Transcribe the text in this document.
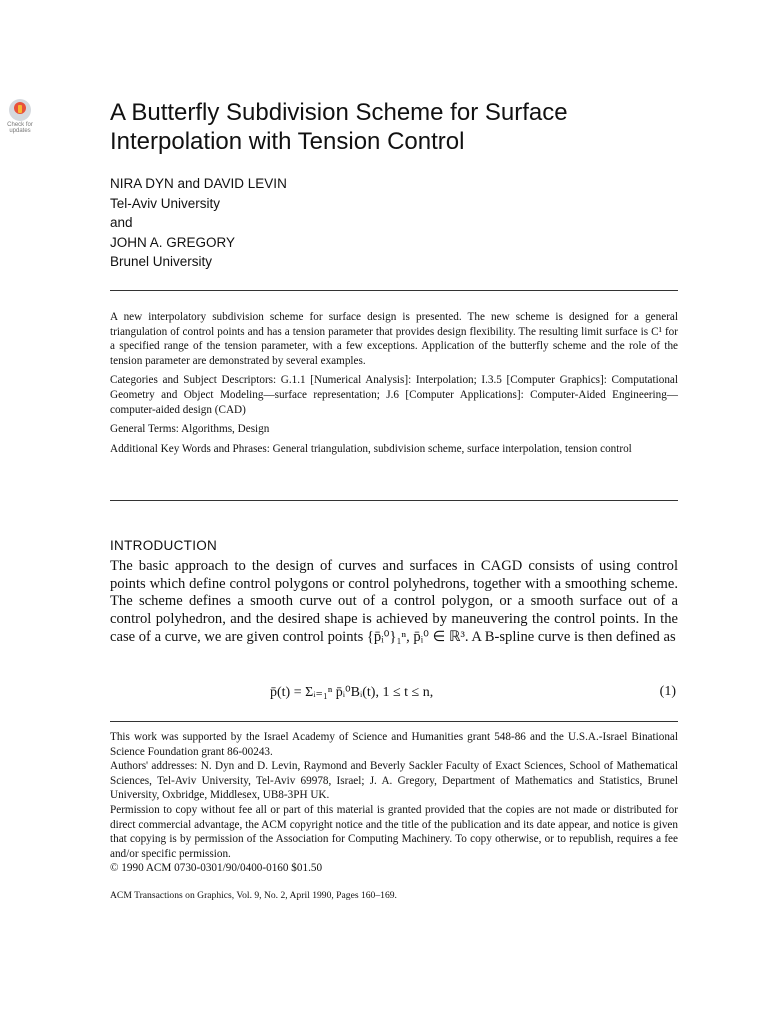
Check for updates
A Butterfly Subdivision Scheme for Surface Interpolation with Tension Control
NIRA DYN and DAVID LEVIN
Tel-Aviv University
and
JOHN A. GREGORY
Brunel University

A new interpolatory subdivision scheme for surface design is presented. The new scheme is designed for a general triangulation of control points and has a tension parameter that provides design flexibility. The resulting limit surface is C¹ for a specified range of the tension parameter, with a few exceptions. Application of the butterfly scheme and the role of the tension parameter are demonstrated by several examples.

Categories and Subject Descriptors: G.1.1 [Numerical Analysis]: Interpolation; I.3.5 [Computer Graphics]: Computational Geometry and Object Modeling—surface representation; J.6 [Computer Applications]: Computer-Aided Engineering—computer-aided design (CAD)

General Terms: Algorithms, Design

Additional Key Words and Phrases: General triangulation, subdivision scheme, surface interpolation, tension control

INTRODUCTION

The basic approach to the design of curves and surfaces in CAGD consists of using control points which define control polygons or control polyhedrons, together with a smoothing scheme. The scheme defines a smooth curve out of a control polygon, or a smooth surface out of a control polyhedron, and the desired shape is achieved by maneuvering the control points. In the case of a curve, we are given control points {p̄ᵢ⁰}₁ⁿ, p̄ᵢ⁰ ∈ ℝ³. A B-spline curve is then defined as

p̄(t) = Σᵢ₌₁ⁿ p̄ᵢ⁰Bᵢ(t), 1 ≤ t ≤ n,	(1)

This work was supported by the Israel Academy of Science and Humanities grant 548-86 and the U.S.A.-Israel Binational Science Foundation grant 86-00243.

Authors' addresses: N. Dyn and D. Levin, Raymond and Beverly Sackler Faculty of Exact Sciences, School of Mathematical Sciences, Tel-Aviv University, Tel-Aviv 69978, Israel; J. A. Gregory, Department of Mathematics and Statistics, Brunel University, Oxbridge, Middlesex, UB8-3PH UK.

Permission to copy without fee all or part of this material is granted provided that the copies are not made or distributed for direct commercial advantage, the ACM copyright notice and the title of the publication and its date appear, and notice is given that copying is by permission of the Association for Computing Machinery. To copy otherwise, or to republish, requires a fee and/or specific permission.

© 1990 ACM 0730-0301/90/0400-0160 $01.50

ACM Transactions on Graphics, Vol. 9, No. 2, April 1990, Pages 160–169.
